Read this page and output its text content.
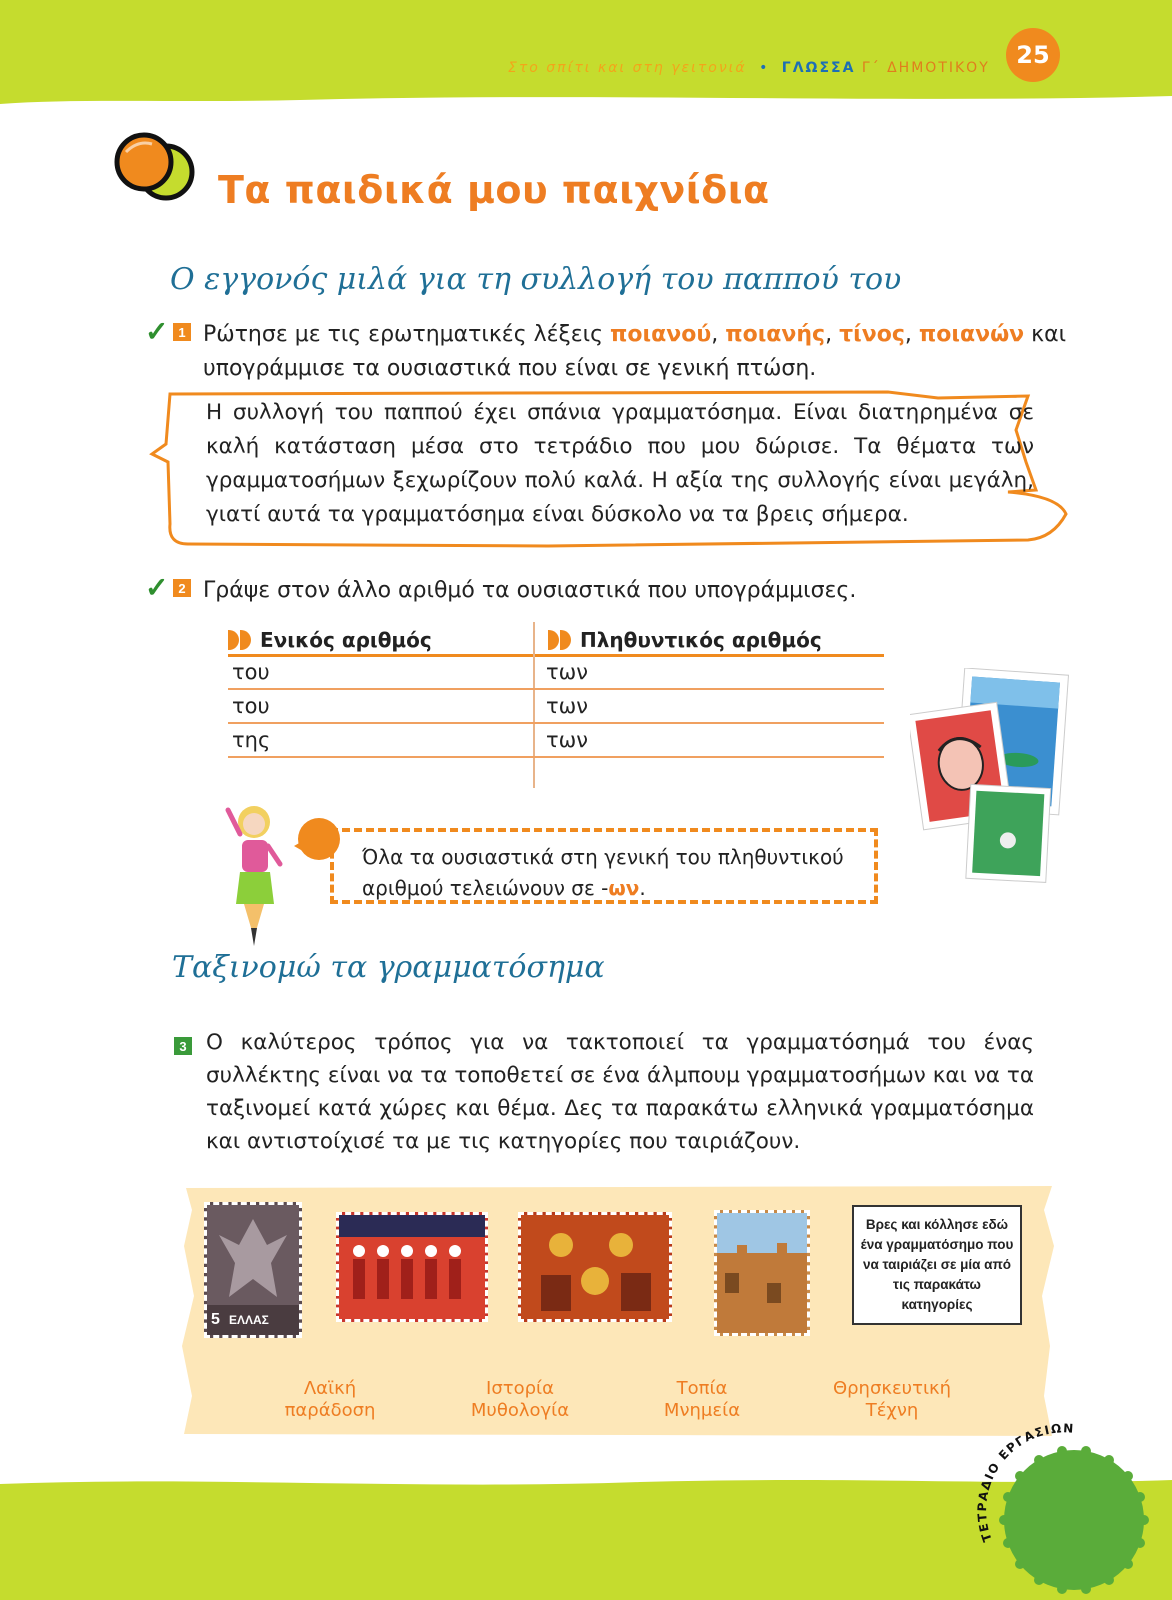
Στο σπίτι και στη γειτονιά • ΓΛΩΣΣΑ Γ΄ ΔΗΜΟΤΙΚΟΥ	25
Τα παιδικά μου παιχνίδια
Ο εγγονός μιλά για τη συλλογή του παππού του
✓ 1 Ρώτησε με τις ερωτηματικές λέξεις ποιανού, ποιανής, τίνος, ποιανών και
υπογράμμισε τα ουσιαστικά που είναι σε γενική πτώση.
Η συλλογή του παππού έχει σπάνια γραμματόσημα. Είναι διατηρημένα σε καλή κατάσταση μέσα στο τετράδιο που μου δώρισε. Τα θέματα των γραμματοσήμων ξεχωρίζουν πολύ καλά. Η αξία της συλλογής είναι μεγάλη, γιατί αυτά τα γραμματόσημα είναι δύσκολο να τα βρεις σήμερα.
✓ 2 Γράψε στον άλλο αριθμό τα ουσιαστικά που υπογράμμισες.
Ενικός αριθμός	Πληθυντικός αριθμός
του	των
του	των
της	των
Όλα τα ουσιαστικά στη γενική του πληθυντικού
αριθμού τελειώνουν σε -ων.
Ταξινομώ τα γραμματόσημα
3 Ο καλύτερος τρόπος για να τακτοποιεί τα γραμματόσημά του ένας συλλέκτης είναι να τα τοποθετεί σε ένα άλμπουμ γραμματοσήμων και να τα ταξινομεί κατά χώρες και θέμα. Δες τα παρακάτω ελληνικά γραμματόσημα και αντιστοίχισέ τα με τις κατηγορίες που ταιριάζουν.
ΕΛΛΑΣ
5
Βρες και κόλλησε εδώ ένα γραμματόσημο που να ταιριάζει σε μία από τις παρακάτω κατηγορίες
Λαϊκή
παράδοση
Ιστορία
Μυθολογία
Τοπία
Μνημεία
Θρησκευτική
Τέχνη
ΤΕΤΡΑΔΙΟ ΕΡΓΑΣΙΩΝ
